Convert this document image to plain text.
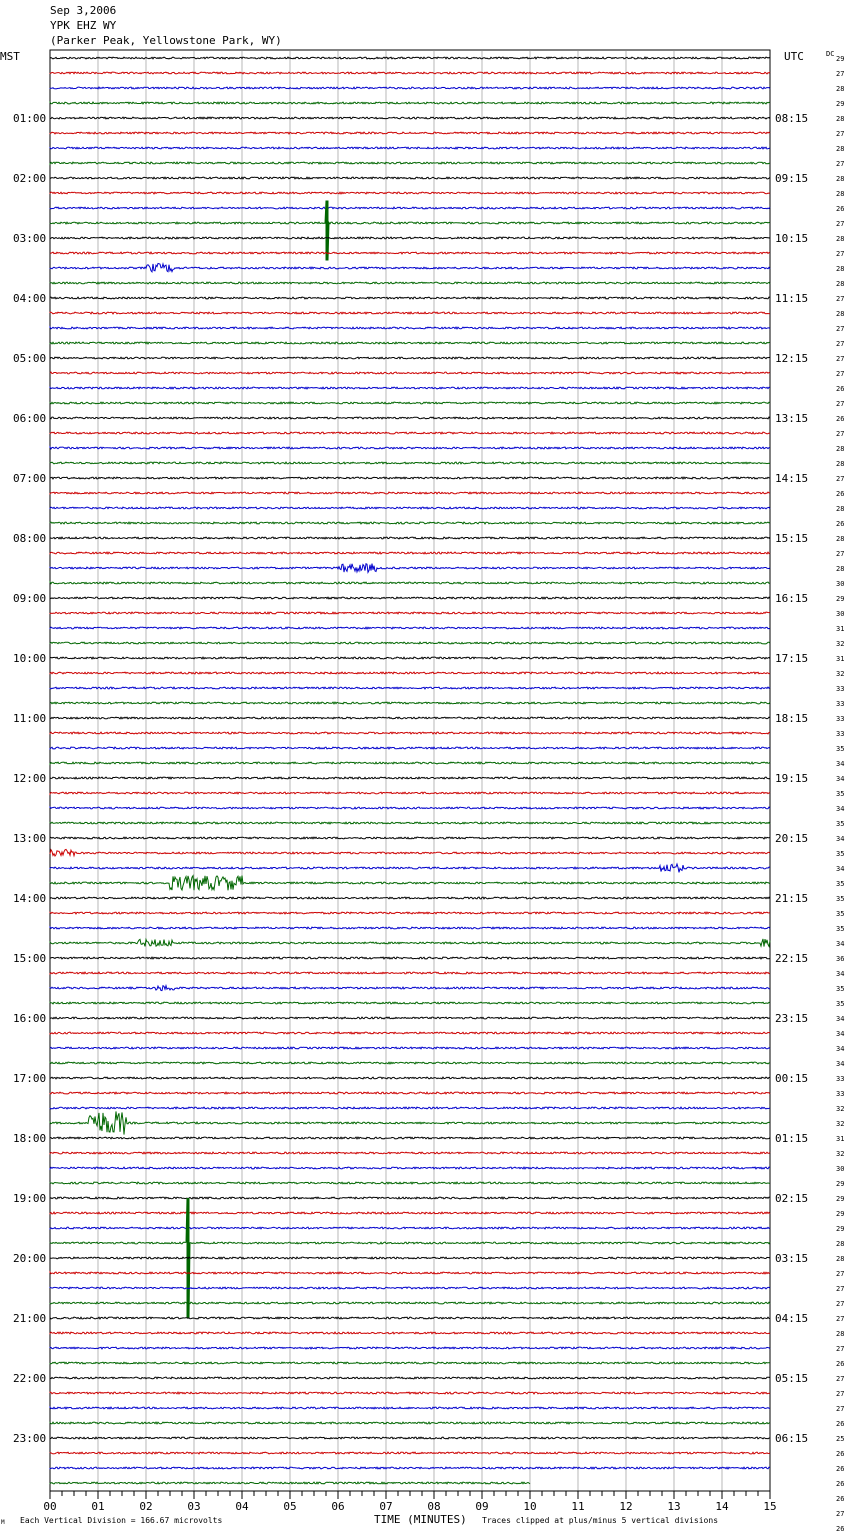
Sep 3,2006
YPK EHZ WY
(Parker Peak, Yellowstone Park, WY)
MST	UTC	DC
01:00	08:15
02:00	09:15
03:00	10:15
04:00	11:15
05:00	12:15
06:00	13:15
07:00	14:15
08:00	15:15
09:00	16:15
10:00	17:15
11:00	18:15
12:00	19:15
13:00	20:15
14:00	21:15
15:00	22:15
16:00	23:15
17:00	00:15
18:00	01:15
19:00	02:15
20:00	03:15
21:00	04:15
22:00	05:15
23:00	06:15
29
27
28
29
28
27
28
27
28
28
26
27
28
27
28
28
27
28
27
27
27
27
26
27
26
27
28
28
27
26
28
26
28
27
28
30
29
30
31
32
31
32
33
33
33
33
35
34
34
35
34
35
34
35
34
35
35
35
35
34
36
34
35
35
34
34
34
34
33
33
32
32
31
32
30
29
29
29
29
28
28
27
27
27
27
28
27
26
27
27
27
26
25
26
26
26
26
27
26
00	01	02	03	04	05	06	07	08	09	10	11	12	13	14	15
TIME (MINUTES)
Each Vertical Division = 166.67 microvolts	Traces clipped at plus/minus 5 vertical divisions
M
